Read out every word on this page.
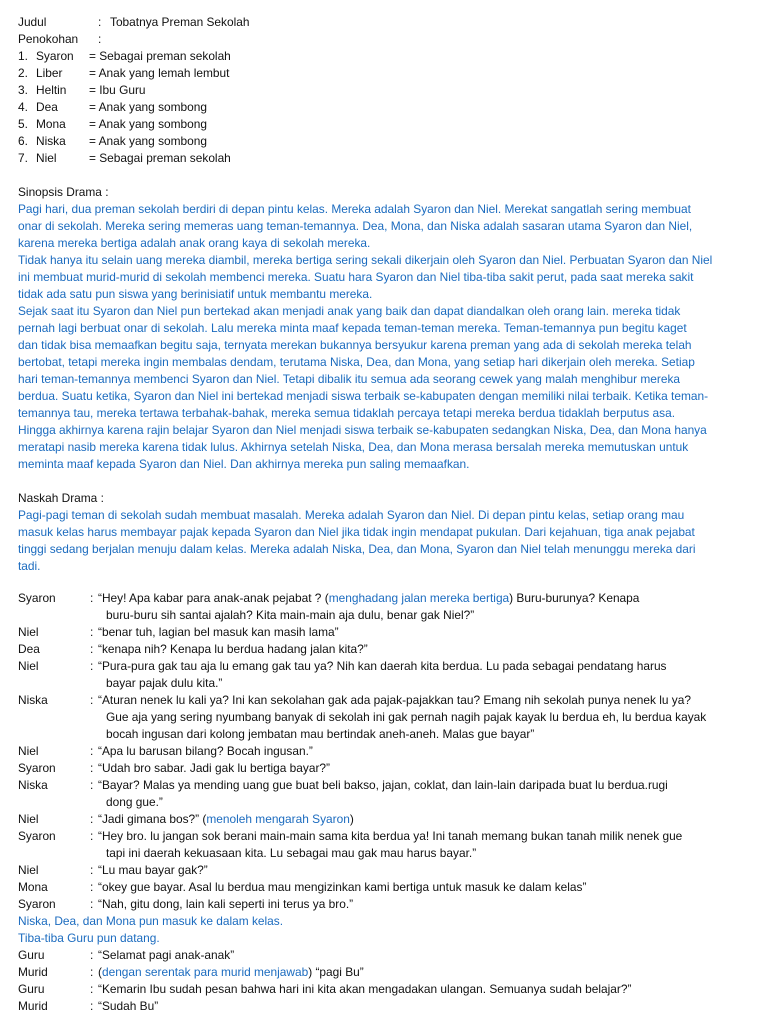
Judul	: Tobatnya Preman Sekolah
Penokohan :
1. Syaron = Sebagai preman sekolah
2. Liber = Anak yang lemah lembut
3. Heltin = Ibu Guru
4. Dea	= Anak yang sombong
5. Mona = Anak yang sombong
6. Niska = Anak yang sombong
7. Niel	= Sebagai preman sekolah
Sinopsis Drama :
Pagi hari, dua preman sekolah berdiri di depan pintu kelas. Mereka adalah Syaron dan Niel. Merekat sangatlah sering membuat
onar di sekolah. Mereka sering memeras uang teman-temannya. Dea, Mona, dan Niska adalah sasaran utama Syaron dan Niel,
karena mereka bertiga adalah anak orang kaya di sekolah mereka.
Tidak hanya itu selain uang mereka diambil, mereka bertiga sering sekali dikerjain oleh Syaron dan Niel. Perbuatan Syaron dan Niel
ini membuat murid-murid di sekolah membenci mereka. Suatu hara Syaron dan Niel tiba-tiba sakit perut, pada saat mereka sakit
tidak ada satu pun siswa yang berinisiatif untuk membantu mereka.
Sejak saat itu Syaron dan Niel pun bertekad akan menjadi anak yang baik dan dapat diandalkan oleh orang lain. mereka tidak
pernah lagi berbuat onar di sekolah. Lalu mereka minta maaf kepada teman-teman mereka. Teman-temannya pun begitu kaget
dan tidak bisa memaafkan begitu saja, ternyata merekan bukannya bersyukur karena preman yang ada di sekolah mereka telah
bertobat, tetapi mereka ingin membalas dendam, terutama Niska, Dea, dan Mona, yang setiap hari dikerjain oleh mereka. Setiap
hari teman-temannya membenci Syaron dan Niel. Tetapi dibalik itu semua ada seorang cewek yang malah menghibur mereka
berdua. Suatu ketika, Syaron dan Niel ini bertekad menjadi siswa terbaik se-kabupaten dengan memiliki nilai terbaik. Ketika teman-
temannya tau, mereka tertawa terbahak-bahak, mereka semua tidaklah percaya tetapi mereka berdua tidaklah berputus asa.
Hingga akhirnya karena rajin belajar Syaron dan Niel menjadi siswa terbaik se-kabupaten sedangkan Niska, Dea, dan Mona hanya
meratapi nasib mereka karena tidak lulus. Akhirnya setelah Niska, Dea, dan Mona merasa bersalah mereka memutuskan untuk
meminta maaf kepada Syaron dan Niel. Dan akhirnya mereka pun saling memaafkan.
Naskah Drama :
Pagi-pagi teman di sekolah sudah membuat masalah. Mereka adalah Syaron dan Niel. Di depan pintu kelas, setiap orang mau
masuk kelas harus membayar pajak kepada Syaron dan Niel jika tidak ingin mendapat pukulan. Dari kejahuan, tiga anak pejabat
tinggi sedang berjalan menuju dalam kelas. Mereka adalah Niska, Dea, dan Mona, Syaron dan Niel telah menunggu mereka dari
tadi.
Syaron	: “Hey! Apa kabar para anak-anak pejabat ? (menghadang jalan mereka bertiga) Buru-burunya? Kenapa
buru-buru sih santai ajalah? Kita main-main aja dulu, benar gak Niel?”
Niel	: “benar tuh, lagian bel masuk kan masih lama”
Dea	: “kenapa nih? Kenapa lu berdua hadang jalan kita?”
Niel	: “Pura-pura gak tau aja lu emang gak tau ya? Nih kan daerah kita berdua. Lu pada sebagai pendatang harus
bayar pajak dulu kita.”
Niska	: “Aturan nenek lu kali ya? Ini kan sekolahan gak ada pajak-pajakkan tau? Emang nih sekolah punya nenek lu ya?
Gue aja yang sering nyumbang banyak di sekolah ini gak pernah nagih pajak kayak lu berdua eh, lu berdua kayak
bocah ingusan dari kolong jembatan mau bertindak aneh-aneh. Malas gue bayar”
Niel	: “Apa lu barusan bilang? Bocah ingusan.”
Syaron	: “Udah bro sabar. Jadi gak lu bertiga bayar?”
Niska	: “Bayar? Malas ya mending uang gue buat beli bakso, jajan, coklat, dan lain-lain daripada buat lu berdua.rugi
dong gue.”
Niel	: “Jadi gimana bos?” (menoleh mengarah Syaron)
Syaron	: “Hey bro. lu jangan sok berani main-main sama kita berdua ya! Ini tanah memang bukan tanah milik nenek gue
tapi ini daerah kekuasaan kita. Lu sebagai mau gak mau harus bayar.”
Niel	: “Lu mau bayar gak?”
Mona	: “okey gue bayar. Asal lu berdua mau mengizinkan kami bertiga untuk masuk ke dalam kelas”
Syaron	: “Nah, gitu dong, lain kali seperti ini terus ya bro.”
Niska, Dea, dan Mona pun masuk ke dalam kelas.
Tiba-tiba Guru pun datang.
Guru	: “Selamat pagi anak-anak”
Murid	: (dengan serentak para murid menjawab) “pagi Bu”
Guru	: “Kemarin Ibu sudah pesan bahwa hari ini kita akan mengadakan ulangan. Semuanya sudah belajar?”
Murid	: “Sudah Bu”
